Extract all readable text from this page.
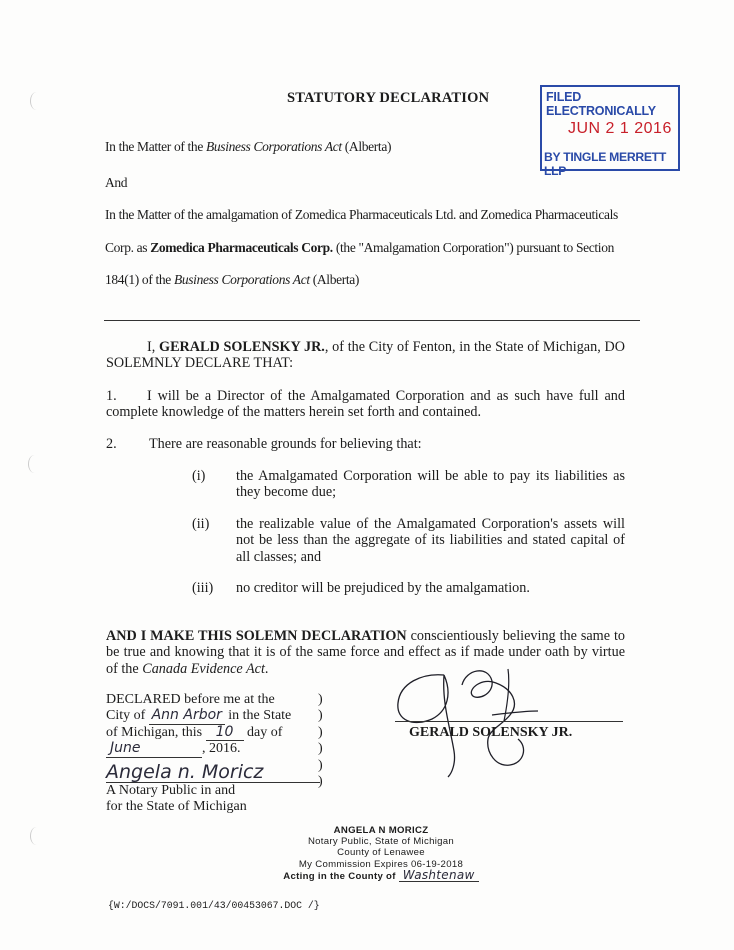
STATUTORY DECLARATION	FILED ELECTRONICALLY
JUN 2 1 2016
BY TINGLE MERRETT LLP
In the Matter of the Business Corporations Act (Alberta)
And
In the Matter of the amalgamation of Zomedica Pharmaceuticals Ltd. and Zomedica Pharmaceuticals
Corp. as Zomedica Pharmaceuticals Corp. (the "Amalgamation Corporation") pursuant to Section
184(1) of the Business Corporations Act (Alberta)
I, GERALD SOLENSKY JR., of the City of Fenton, in the State of Michigan, DO SOLEMNLY DECLARE THAT:
1.	I will be a Director of the Amalgamated Corporation and as such have full and complete knowledge of the matters herein set forth and contained.
2. There are reasonable grounds for believing that:
(i) the Amalgamated Corporation will be able to pay its liabilities as they become due;
(ii) the realizable value of the Amalgamated Corporation's assets will not be less than the aggregate of its liabilities and stated capital of all classes; and
(iii) no creditor will be prejudiced by the amalgamation.
AND I MAKE THIS SOLEMN DECLARATION conscientiously believing the same to be true and knowing that it is of the same force and effect as if made under oath by virtue of the Canada Evidence Act.
DECLARED before me at the
City of Ann Arbor in the State
of Michigan, this 10 day of
June	, 2016.
Angela n. Moricz
A Notary Public in and
for the State of Michigan
)
)
)
)
)
)
GERALD SOLENSKY JR.
ANGELA N MORICZ
Notary Public, State of Michigan
County of Lenawee
My Commission Expires 06-19-2018
Acting in the County of Washtenaw
{W:/DOCS/7091.001/43/00453067.DOC /}
